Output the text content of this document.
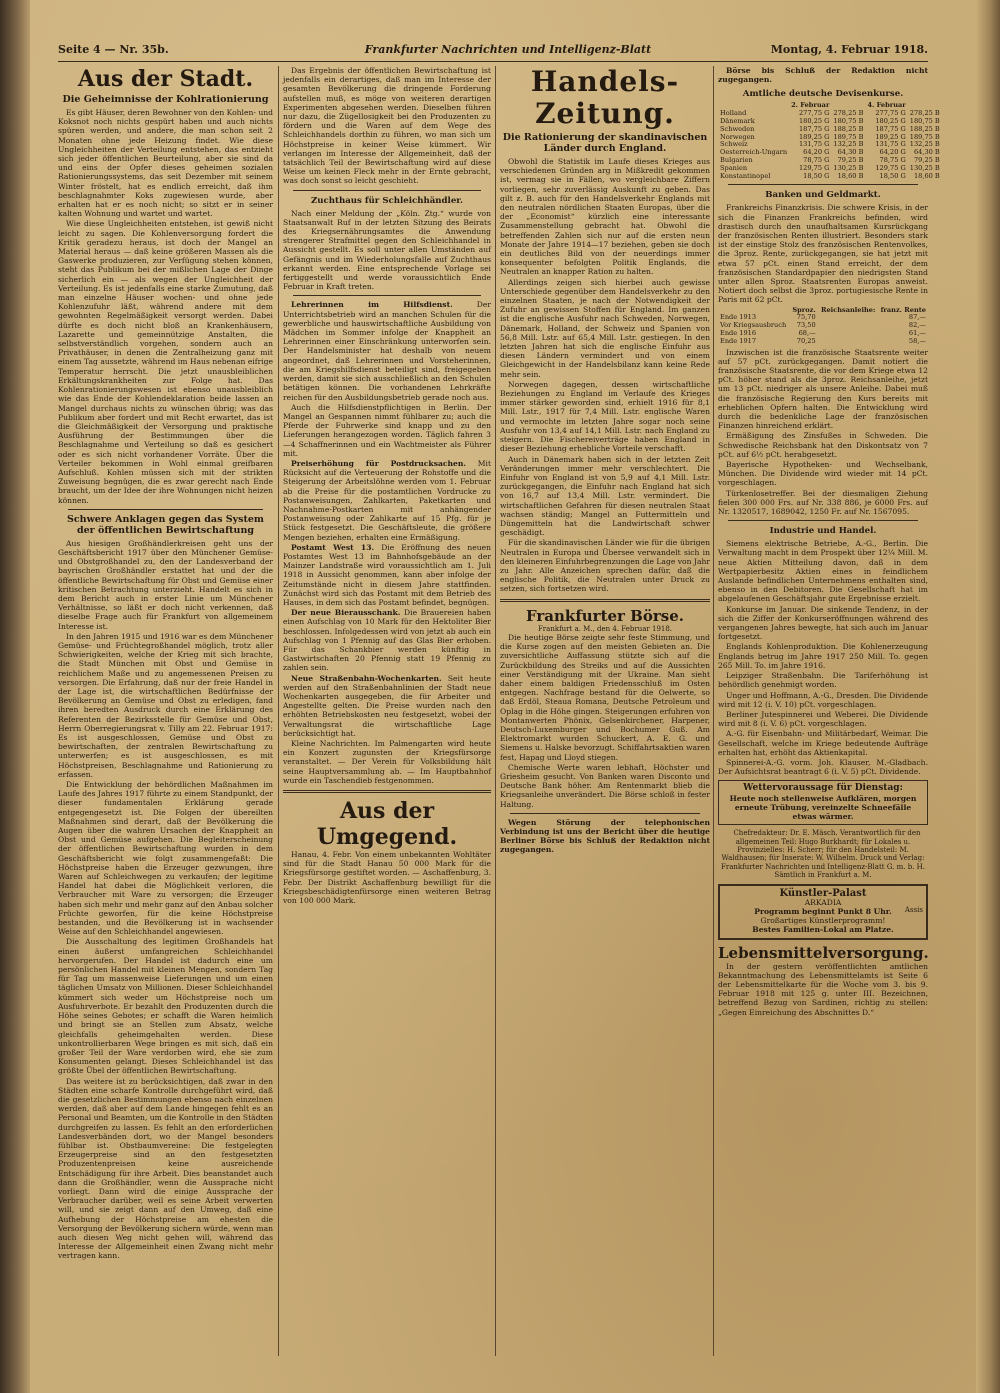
Seite 4 — Nr. 35b.	Frankfurter Nachrichten und Intelligenz-Blatt	Montag, 4. Februar 1918.
Aus der Stadt.
Die Geheimnisse der Kohlrationierung

Es gibt Häuser, deren Bewohner von den Kohlen- und Koksnot noch nichts gespürt haben und auch nichts spüren werden, und andere, die man schon seit 2 Monaten ohne jede Heizung findet. Wie diese Ungleichheiten der Verteilung entstehen, das entzieht sich jeder öffentlichen Beurteilung, aber sie sind da und eins der Opfer dieses geheimen sozialen Rationierungssystems, das seit Dezember mit seinem Winter fröstelt, hat es endlich erreicht, daß ihm beschlagnahmter Koks zugewiesen wurde, aber erhalten hat er es noch nicht; so sitzt er in seiner kalten Wohnung und wartet und wartet.

Wie diese Ungleichheiten entstehen, ist gewiß nicht leicht zu sagen. Die Kohlenversorgung fordert die Kritik geradezu heraus, ist doch der Mangel an Material heraus — daß keine größeren Massen als die Gaswerke produzieren, zur Verfügung stehen können, steht das Publikum bei der mißlichen Lage der Dinge sicherlich ein — als wegen der Ungleichheit der Verteilung. Es ist jedenfalls eine starke Zumutung, daß man einzelne Häuser wochen- und ohne jede Kohlenzufuhr läßt, während andere mit dem gewohnten Regelmäßigkeit versorgt werden. Dabei dürfte es doch nicht bloß an Krankenhäusern, Lazarette und gemeinnützige Anstalten, die selbstverständlich vorgehen, sondern auch an Privathäuser, in denen die Zentralheizung ganz mit einem Tag aussetzte, während im Haus nebenan eifrige Temperatur herrscht. Die jetzt unausbleiblichen Erkältungskrankheiten zur Folge hat. Das Kohlenrationierungswesen ist ebenso unausbleiblich wie das Ende der Kohlendeklaration beide lassen an Mangel durchaus nichts zu wünschen übrig; was das Publikum aber fordert und mit Recht erwartet, das ist die Gleichmäßigkeit der Versorgung und praktische Ausführung der Bestimmungen über die Beschlagnahme und Verteilung so daß es gesichert oder es sich nicht vorhandener Vorräte. Über die Verteiler bekommen in Wohl einmal greifbaren Aufschluß. Kohlen müssen sich mit der strikten Zuweisung begnügen, die es zwar gerecht nach Ende braucht, um der Idee der ihre Wohnungen nicht heizen können.

Schwere Anklagen gegen das System der öffentlichen Bewirtschaftung

Aus hiesigen Großhändlerkreisen geht uns der Geschäftsbericht 1917 über den Münchener Gemüse- und Obstgroßhandel zu, den der Landesverband der bayrischen Großhändler erstattet hat und der die öffentliche Bewirtschaftung für Obst und Gemüse einer kritischen Betrachtung unterzieht. Handelt es sich in dem Bericht auch in erster Linie um Münchener Verhältnisse, so läßt er doch nicht verkennen, daß dieselbe Frage auch für Frankfurt von allgemeinem Interesse ist.

In den Jahren 1915 und 1916 war es dem Münchener Gemüse- und Früchtegroßhandel möglich, trotz aller Schwierigkeiten, welche der Krieg mit sich brachte, die Stadt München mit Obst und Gemüse in reichlichem Maße und zu angemessenen Preisen zu versorgen. Die Erfahrung, daß nur der freie Handel in der Lage ist, die wirtschaftlichen Bedürfnisse der Bevölkerung an Gemüse und Obst zu erledigen, fand ihren beredten Ausdruck durch eine Erklärung des Referenten der Bezirksstelle für Gemüse und Obst, Herrn Oberregierungsrat v. Tilly am 22. Februar 1917: Es ist ausgeschlossen, Gemüse und Obst zu bewirtschaften, der zentralen Bewirtschaftung zu unterwerfen; es ist ausgeschlossen, es mit Höchstpreisen, Beschlagnahme und Rationierung zu erfassen.

Die Entwicklung der behördlichen Maßnahmen im Laufe des Jahres 1917 führte zu einem Standpunkt, der dieser fundamentalen Erklärung gerade entgegengesetzt ist. Die Folgen der übereilten Maßnahmen sind derart, daß der Bevölkerung die Augen über die wahren Ursachen der Knappheit an Obst und Gemüse aufgehen. Die Begleiterscheinung der öffentlichen Bewirtschaftung wurden in dem Geschäftsbericht wie folgt zusammengefaßt: Die Höchstpreise haben die Erzeuger gezwungen, ihre Waren auf Schleichwegen zu verkaufen; der legitime Handel hat dabei die Möglichkeit verloren, die Verbraucher mit Ware zu versorgen; die Erzeuger haben sich mehr und mehr ganz auf den Anbau solcher Früchte geworfen, für die keine Höchstpreise bestanden, und die Bevölkerung ist in wachsender Weise auf den Schleichhandel angewiesen.

Die Ausschaltung des legitimen Großhandels hat einen äußerst umfangreichen Schleichhandel hervorgerufen. Der Handel ist dadurch eine um persönlichen Handel mit kleinen Mengen, sondern Tag für Tag um massenweise Lieferungen und um einen täglichen Umsatz von Millionen. Dieser Schleichhandel kümmert sich weder um Höchstpreise noch um Ausfuhrverbote. Er bezahlt den Produzenten durch die Höhe seines Gebotes; er schafft die Waren heimlich und bringt sie an Stellen zum Absatz, welche gleichfalls geheimgehalten werden. Diese unkontrollierbaren Wege bringen es mit sich, daß ein großer Teil der Ware verdorben wird, ehe sie zum Konsumenten gelangt. Dieses Schleichhandel ist das größte Übel der öffentlichen Bewirtschaftung.

Das weitere ist zu berücksichtigen, daß zwar in den Städten eine scharfe Kontrolle durchgeführt wird, daß die gesetzlichen Bestimmungen ebenso nach einzelnen werden, daß aber auf dem Lande hingegen fehlt es an Personal und Beamten, um die Kontrolle in den Städten durchgreifen zu lassen. Es fehlt an den erforderlichen Landesverbänden dort, wo der Mangel besonders fühlbar ist. Obstbaumvereine: Die festgelegten Erzeugerpreise sind an den festgesetzten Produzentenpreisen keine ausreichende Entschädigung für ihre Arbeit. Dies beanstandet auch dann die Großhändler, wenn die Aussprache nicht vorliegt. Dann wird die einige Aussprache der Verbraucher darüber, weil es seine Arbeit verwerten will, und sie zeigt dann auf den Umweg, daß eine Aufhebung der Höchstpreise am ehesten die Versorgung der Bevölkerung sichern würde, wenn man auch diesen Weg nicht gehen will, während das Interesse der Allgemeinheit einen Zwang nicht mehr vertragen kann.

Das Ergebnis der öffentlichen Bewirtschaftung ist jedenfalls ein derartiges, daß man im Interesse der gesamten Bevölkerung die dringende Forderung aufstellen muß, es möge von weiteren derartigen Experimenten abgesehen werden. Dieselben führen nur dazu, die Zügellosigkeit bei den Produzenten zu fördern und die Waren auf dem Wege des Schleichhandels dorthin zu führen, wo man sich um Höchstpreise in keiner Weise kümmert. Wir verlangen im Interesse der Allgemeinheit, daß der tatsächlich Teil der Bewirtschaftung wird auf diese Weise um keinen Fleck mehr in der Ernte gebracht, was doch sonst so leicht geschieht.

Zuchthaus für Schleichhändler.

Nach einer Meldung der „Köln. Ztg.“ wurde von Staatsanwalt Ruf in der letzten Sitzung des Beirats des Kriegsernährungsamtes die Anwendung strengerer Strafmittel gegen den Schleichhandel in Aussicht gestellt. Es soll unter allen Umständen auf Gefängnis und im Wiederholungsfalle auf Zuchthaus erkannt werden. Eine entsprechende Vorlage sei fertiggestellt und werde voraussichtlich Ende Februar in Kraft treten.

Lehrerinnen im Hilfsdienst.	Der Unterrichtsbetrieb wird an manchen Schulen für die gewerbliche und hauswirtschaftliche Ausbildung von Mädchen im Sommer infolge der Knappheit an Lehrerinnen einer Einschränkung unterworfen sein. Der Handelsminister hat deshalb von neuem angeordnet, daß Lehrerinnen und Vorsteherinnen, die am Kriegshilfsdienst beteiligt sind, freigegeben werden, damit sie sich ausschließlich an den Schulen betätigen können. Die vorhandenen Lehrkräfte reichen für den Ausbildungsbetrieb gerade noch aus.

Auch die Hilfsdienstpflichtigen in Berlin. Der Mangel an Gespannen nimmt fühlbarer zu; auch die Pferde der Fuhrwerke sind knapp und zu den Lieferungen herangezogen worden. Täglich fahren 3—4 Schaffnerinnen und ein Wachtmeister als Führer mit.

Preiserhöhung für Postdrucksachen. Mit Rücksicht auf die Verteuerung der Rohstoffe und die Steigerung der Arbeitslöhne werden vom 1. Februar ab die Preise für die postamtlichen Vordrucke zu Postanweisungen, Zahlkarten, Paketkarten und Nachnahme-Postkarten mit anhängender Postanweisung oder Zahlkarte auf 15 Pfg. für je Stück festgesetzt. Die Geschäftsleute, die größere Mengen beziehen, erhalten eine Ermäßigung.

Postamt West 13. Die Eröffnung des neuen Postamtes West 13 im Bahnhofsgebäude an der Mainzer Landstraße wird voraussichtlich am 1. Juli 1918 in Aussicht genommen, kann aber infolge der Zeitumstände nicht in diesem Jahre stattfinden. Zunächst wird sich das Postamt mit dem Betrieb des Hauses, in dem sich das Postamt befindet, begnügen.

Der neue Bierausschank. Die Brauereien haben einen Aufschlag von 10 Mark für den Hektoliter Bier beschlossen. Infolgedessen wird von jetzt ab auch ein Aufschlag von 1 Pfennig auf das Glas Bier erhoben. Für das Schankbier werden künftig in Gastwirtschaften 20 Pfennig statt 19 Pfennig zu zahlen sein.

Neue Straßenbahn-Wochenkarten. Seit heute werden auf den Straßenbahnlinien der Stadt neue Wochenkarten ausgegeben, die für Arbeiter und Angestellte gelten. Die Preise wurden nach den erhöhten Betriebskosten neu festgesetzt, wobei der Verwaltungsrat die wirtschaftliche Lage berücksichtigt hat.

Kleine Nachrichten. Im Palmengarten wird heute ein Konzert zugunsten der Kriegsfürsorge veranstaltet. — Der Verein für Volksbildung hält seine Hauptversammlung ab. — Im Hauptbahnhof wurde ein Taschendieb festgenommen.

Aus der Umgegend.

Hanau, 4. Febr. Von einem unbekannten Wohltäter sind für die Stadt Hanau 50 000 Mark für die Kriegsfürsorge gestiftet worden. — Aschaffenburg, 3. Febr. Der Distrikt Aschaffenburg bewilligt für die Kriegsbeschädigtenfürsorge einen weiteren Betrag von 100 000 Mark.

Handels-Zeitung.
Die Rationierung der skandinavischen Länder durch England.

Obwohl die Statistik im Laufe dieses Krieges aus verschiedenen Gründen arg in Mißkredit gekommen ist, vermag sie in Fällen, wo vergleichbare Ziffern vorliegen, sehr zuverlässig Auskunft zu geben. Das gilt z. B. auch für den Handelsverkehr Englands mit den neutralen nördlichen Staaten Europas, über die der „Economist“ kürzlich eine interessante Zusammenstellung gebracht hat. Obwohl die betreffenden Zahlen sich nur auf die ersten neun Monate der Jahre 1914—17 beziehen, geben sie doch ein deutliches Bild von der neuerdings immer konsequenter befolgten Politik Englands, die Neutralen an knapper Ration zu halten.

Allerdings zeigen sich hierbei auch gewisse Unterschiede gegenüber dem Handelsverkehr zu den einzelnen Staaten, je nach der Notwendigkeit der Zufuhr an gewissen Stoffen für England. Im ganzen ist die englische Ausfuhr nach Schweden, Norwegen, Dänemark, Holland, der Schweiz und Spanien von 56,8 Mill. Lstr. auf 65,4 Mill. Lstr. gestiegen. In den letzten Jahren hat sich die englische Einfuhr aus diesen Ländern vermindert und von einem Gleichgewicht in der Handelsbilanz kann keine Rede mehr sein.

Norwegen dagegen, dessen wirtschaftliche Beziehungen zu England im Verlaufe des Krieges immer stärker geworden sind, erhielt 1916 für 8,1 Mill. Lstr., 1917 für 7,4 Mill. Lstr. englische Waren und vermochte im letzten Jahre sogar noch seine Ausfuhr von 13,4 auf 14,1 Mill. Lstr. nach England zu steigern. Die Fischereiverträge haben England in dieser Beziehung erhebliche Vorteile verschafft.

Auch in Dänemark haben sich in der letzten Zeit Veränderungen immer mehr verschlechtert. Die Einfuhr von England ist von 5,9 auf 4,1 Mill. Lstr. zurückgegangen, die Einfuhr nach England hat sich von 16,7 auf 13,4 Mill. Lstr. vermindert. Die wirtschaftlichen Gefahren für diesen neutralen Staat wachsen ständig; Mangel an Futtermitteln und Düngemitteln hat die Landwirtschaft schwer geschädigt.

Für die skandinavischen Länder wie für die übrigen Neutralen in Europa und Übersee verwandelt sich in den kleineren Einfuhrbegrenzungen die Lage von Jahr zu Jahr. Alle Anzeichen sprechen dafür, daß die englische Politik, die Neutralen unter Druck zu setzen, sich fortsetzen wird.

Frankfurter Börse.
Frankfurt a. M., den 4. Februar 1918.

Die heutige Börse zeigte sehr feste Stimmung, und die Kurse zogen auf den meisten Gebieten an. Die zuversichtliche Auffassung stützte sich auf die Zurückbildung des Streiks und auf die Aussichten einer Verständigung mit der Ukraine. Man sieht daher einem baldigen Friedensschluß im Osten entgegen. Nachfrage bestand für die Oelwerte, so daß Erdöl, Steaua Romana, Deutsche Petroleum und Oplag in die Höhe gingen. Steigerungen erfuhren von Montanwerten Phönix, Gelsenkirchener, Harpener, Deutsch-Luxemburger und Bochumer Guß. Am Elektromarkt wurden Schuckert, A. E. G. und Siemens u. Halske bevorzugt. Schiffahrtsaktien waren fest, Hapag und Lloyd stiegen.

Chemische Werte waren lebhaft, Höchster und Griesheim gesucht. Von Banken waren Disconto und Deutsche Bank höher. Am Rentenmarkt blieb die Kriegsanleihe unverändert. Die Börse schloß in fester Haltung.

Wegen Störung der telephonischen Verbindung ist uns der Bericht über die heutige Berliner Börse bis Schluß der Redaktion nicht zugegangen.

Börse bis Schluß der Redaktion nicht zugegangen.

Amtliche deutsche Devisenkurse.
	2. Februar		4. Februar	
Holland	277,75 G	278,25 B	277,75 G	278,25 B
Dänemark	180,25 G	180,75 B	180,25 G	180,75 B
Schweden	187,75 G	188,25 B	187,75 G	188,25 B
Norwegen	189,25 G	189,75 B	189,25 G	189,75 B
Schweiz	131,75 G	132,25 B	131,75 G	132,25 B
Oesterreich-Ungarn	64,20 G	64,30 B	64,20 G	64,30 B
Bulgarien	78,75 G	79,25 B	78,75 G	79,25 B
Spanien	129,75 G	130,25 B	129,75 G	130,25 B
Konstantinopel	18,50 G	18,60 B	18,50 G	18,60 B
Banken und Geldmarkt.

Frankreichs Finanzkrisis. Die schwere Krisis, in der sich die Finanzen Frankreichs befinden, wird drastisch durch den unaufhaltsamen Kursrückgang der französischen Renten illustriert. Besonders stark ist der einstige Stolz des französischen Rentenvolkes, die 3proz. Rente, zurückgegangen, sie hat jetzt mit etwa 57 pCt. einen Stand erreicht, der dem französischen Standardpapier den niedrigsten Stand unter allen Sproz. Staatsrenten Europas anweist. Notiert doch selbst die 3proz. portugiesische Rente in Paris mit 62 pCt.

	Sproz.	Reichsanleihe:	franz. Rente
Ende 1913	75,70		87,—
Vor Kriegsausbruch	73,50		82,—
Ende 1916	68,—		61,—
Ende 1917	70,25		58,—

Inzwischen ist die französische Staatsrente weiter auf 57 pCt. zurückgegangen. Damit notiert die französische Staatsrente, die vor dem Kriege etwa 12 pCt. höher stand als die 3proz. Reichsanleihe, jetzt um 13 pCt. niedriger als unsere Anleihe. Dabei muß die französische Regierung den Kurs bereits mit erheblichen Opfern halten. Die Entwicklung wird durch die bedenkliche Lage der französischen Finanzen hinreichend erklärt.

Ermäßigung des Zinsfußes in Schweden. Die Schwedische Reichsbank hat den Diskontsatz von 7 pCt. auf 6½ pCt. herabgesetzt.

Bayerische Hypotheken- und Wechselbank, München. Die Dividende wird wieder mit 14 pCt. vorgeschlagen.

Türkenlosetreffer. Bei der diesmaligen Ziehung fielen 300 000 Frs. auf Nr. 338 886, je 6000 Frs. auf Nr. 1320517, 1689042, 1250 Fr. auf Nr. 1567095.

Industrie und Handel.

Siemens elektrische Betriebe, A.-G., Berlin. Die Verwaltung macht in dem Prospekt über 12¼ Mill. M. neue Aktien Mitteilung davon, daß in dem Wertpapierbesitz Aktien eines in feindlichem Auslande befindlichen Unternehmens enthalten sind, ebenso in den Debitoren. Die Gesellschaft hat im abgelaufenen Geschäftsjahr gute Ergebnisse erzielt.

Konkurse im Januar. Die sinkende Tendenz, in der sich die Ziffer der Konkurseröffnungen während des vergangenen Jahres bewegte, hat sich auch im Januar fortgesetzt.

Englands Kohlenproduktion. Die Kohlenerzeugung Englands betrug im Jahre 1917 250 Mill. To. gegen 265 Mill. To. im Jahre 1916.

Leipziger Straßenbahn. Die Tariferhöhung ist behördlich genehmigt worden.

Unger und Hoffmann, A.-G., Dresden. Die Dividende wird mit 12 (i. V. 10) pCt. vorgeschlagen.

Berliner Jutespinnerei und Weberei. Die Dividende wird mit 8 (i. V. 6) pCt. vorgeschlagen.

A.-G. für Eisenbahn- und Militärbedarf, Weimar. Die Gesellschaft, welche im Kriege bedeutende Aufträge erhalten hat, erhöht das Aktienkapital.

Spinnerei-A.-G. vorm. Joh. Klauser, M.-Gladbach. Der Aufsichtsrat beantragt 6 (i. V. 5) pCt. Dividende.

Wettervoraussage für Dienstag:
Heute noch stellenweise Aufklären, morgen erneute Trübung, vereinzelte Schneefälle etwas wärmer.

Chefredakteur: Dr. E. Mäsch. Verantwortlich für den allgemeinen Teil: Hugo Burkhardt; für Lokales u. Provinzielles: H. Scherr; für den Handelsteil: M. Waldhausen; für Inserate: W. Wilhelm. Druck und Verlag: Frankfurter Nachrichten und Intelligenz-Blatt G. m. b. H. Sämtlich in Frankfurt a. M.

Künstler-Palast
ARKADIA
Assis
Programm beginnt Punkt 8 Uhr.
Großartiges Künstlerprogramm!
Bestes Familien-Lokal am Platze.
Lebensmittelversorgung.

In der gestern veröffentlichten amtlichen Bekanntmachung des Lebensmittelamts ist Seite 6 der Lebensmittelkarte für die Woche vom 3. bis 9. Februar 1918 mit 125 g. unter III. Bezeichnen, betreffend Bezug von Sardinen, richtig zu stellen: „Gegen Einreichung des Abschnittes D.“
